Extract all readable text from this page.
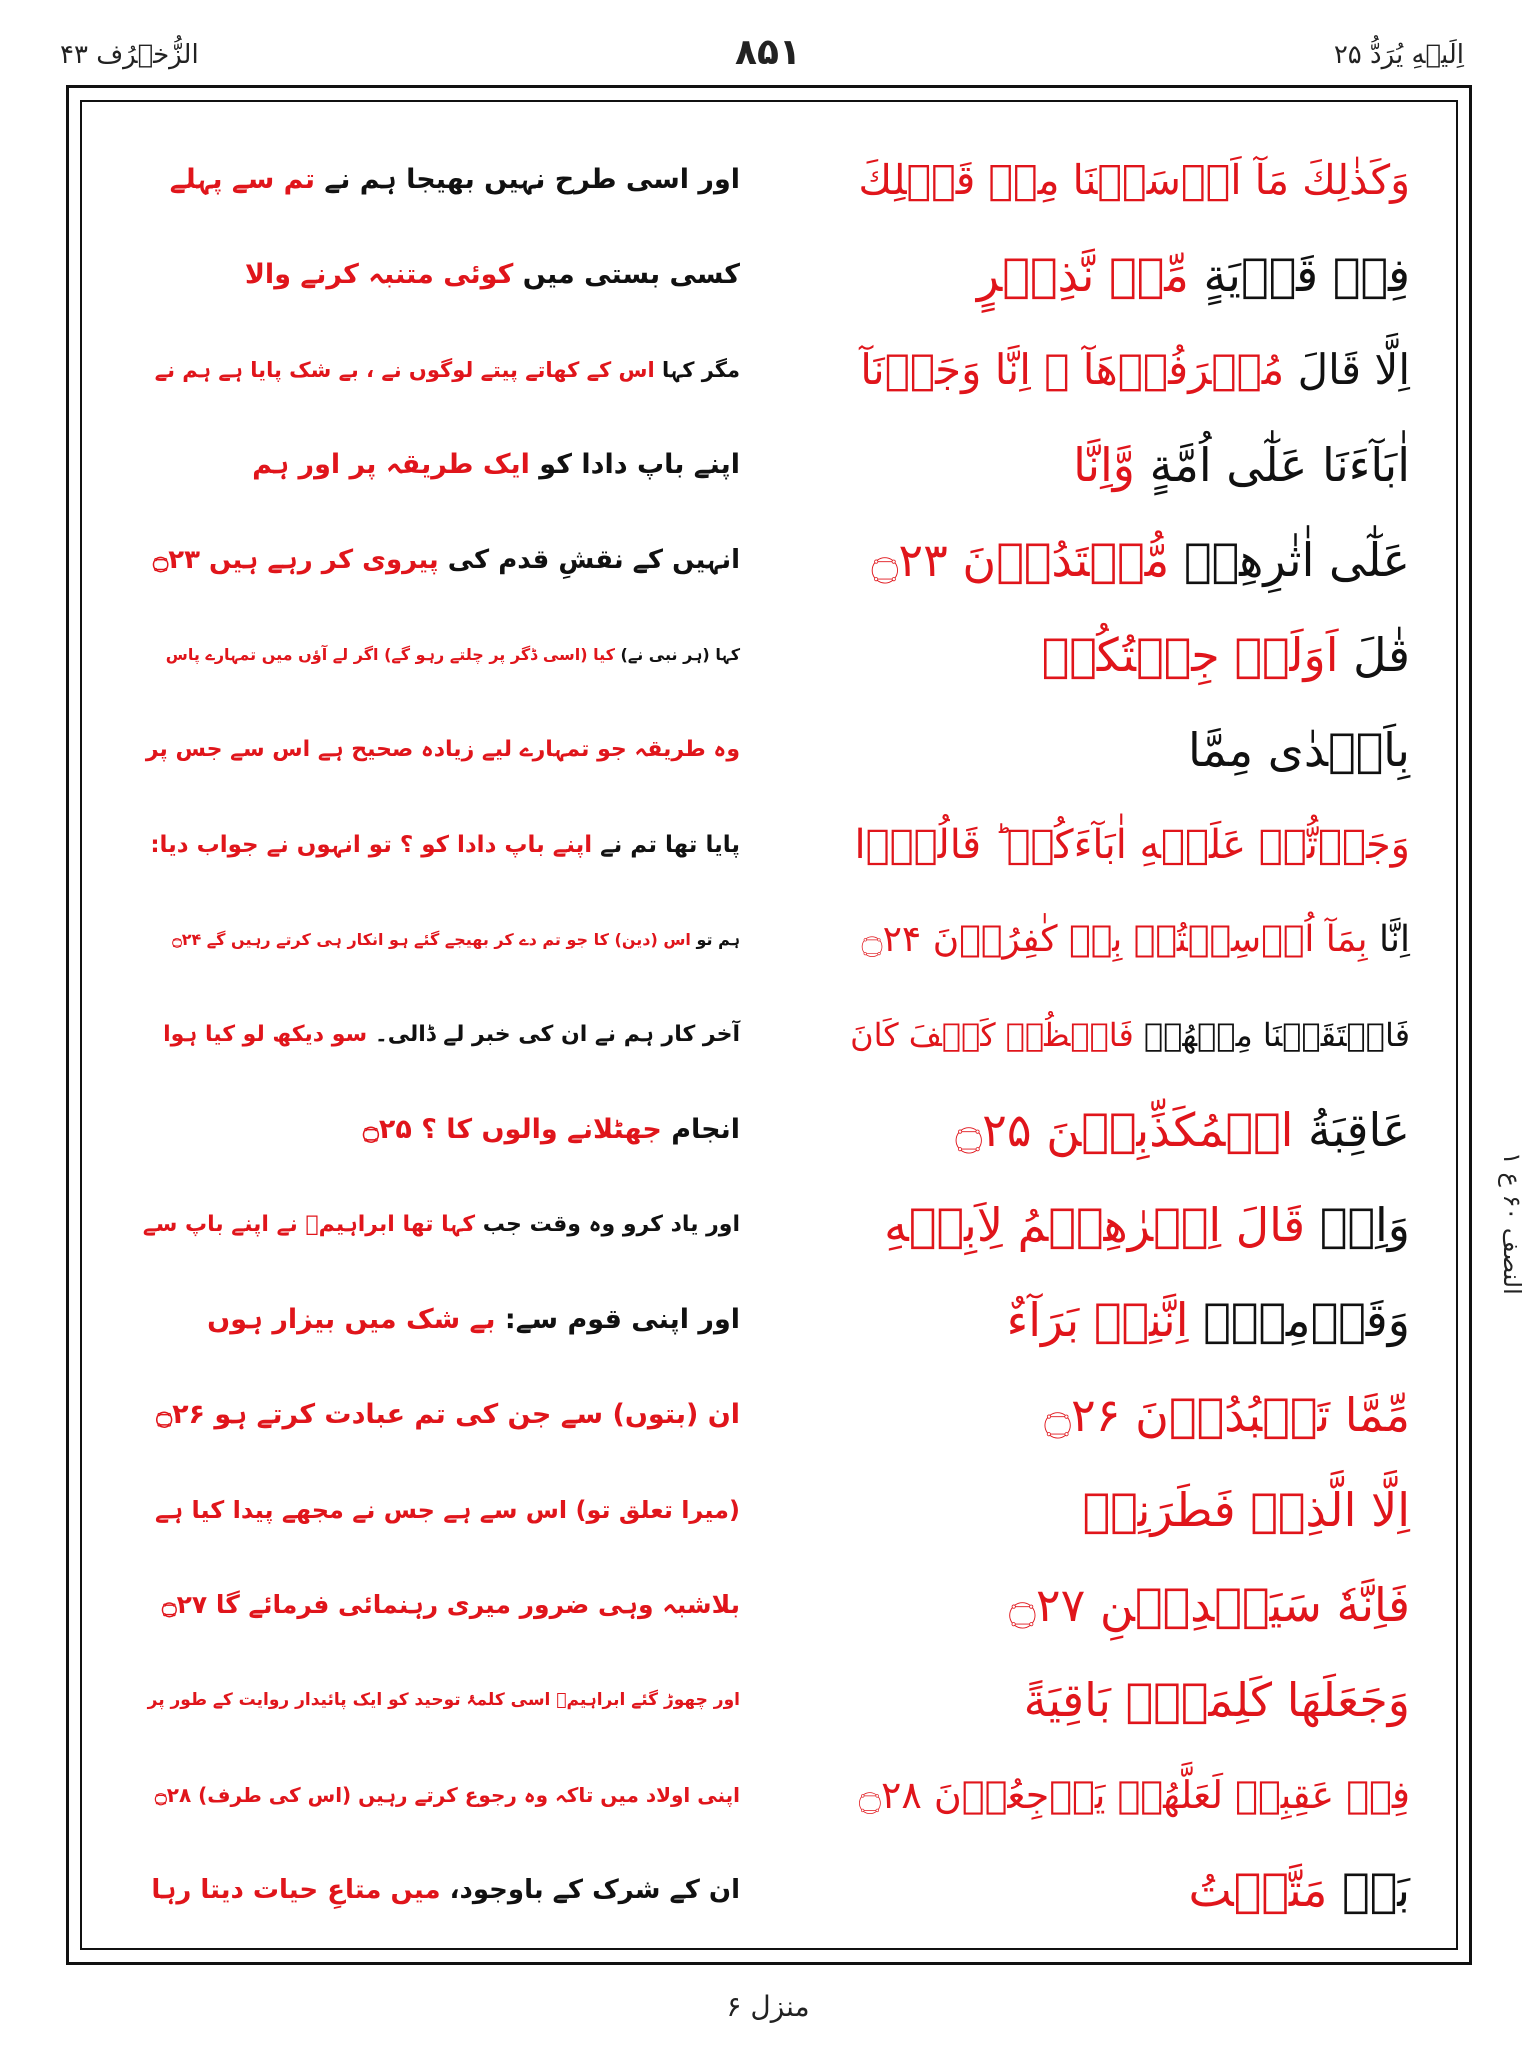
اِلَيۡهِ يُرَدُّ ۲۵
۸۵۱
الزُّخۡرُف ۴۳
النصف ۶۰ ع ۱
وَكَذٰلِكَ مَآ اَرۡسَلۡنَا مِنۡ قَبۡلِكَ
اور اسی طرح نہیں بھیجا ہم نے تم سے پہلے
فِىۡ قَرۡيَةٍ مِّنۡ نَّذِيۡرٍ
کسی بستی میں کوئی متنبہ کرنے والا
اِلَّا قَالَ مُتۡرَفُوۡهَآ ۙ اِنَّا وَجَدۡنَآ
مگر کہا اس کے کھاتے پیتے لوگوں نے ، بے شک پایا ہے ہم نے
اٰبَآءَنَا عَلٰٓى اُمَّةٍ وَّاِنَّا
اپنے باپ دادا کو ایک طریقہ پر اور ہم
عَلٰٓى اٰثٰرِهِمۡ مُّقۡتَدُوۡنَ ۝۲۳
انہیں کے نقشِ قدم کی پیروی کر رہے ہیں ۝۲۳
قٰلَ اَوَلَوۡ جِئۡتُكُمۡ
کہا (ہر نبی نے) کیا (اسی ڈگر پر چلتے رہو گے) اگر لے آؤں میں تمہارے پاس
بِاَهۡدٰى مِمَّا
وہ طریقہ جو تمہارے لیے زیادہ صحیح ہے اس سے جس پر
وَجَدۡتُّمۡ عَلَيۡهِ اٰبَآءَكُمۡ ؕ قَالُوۡۤا
پایا تھا تم نے اپنے باپ دادا کو ؟ تو انہوں نے جواب دیا:
اِنَّا بِمَآ اُرۡسِلۡتُمۡ بِهٖ كٰفِرُوۡنَ ۝۲۴
ہم تو اس (دین) کا جو تم دے کر بھیجے گئے ہو انکار ہی کرتے رہیں گے ۝۲۴
فَانۡتَقَمۡنَا مِنۡهُمۡ فَانۡظُرۡ كَيۡفَ كَانَ
آخر کار ہم نے ان کی خبر لے ڈالی۔ سو دیکھ لو کیا ہوا
عَاقِبَةُ الۡمُكَذِّبِيۡنَ ۝۲۵
انجام جھٹلانے والوں کا ؟ ۝۲۵
وَاِذۡ قَالَ اِبۡرٰهِيۡمُ لِاَبِيۡهِ
اور یاد کرو وہ وقت جب کہا تھا ابراہیمؑ نے اپنے باپ سے
وَقَوۡمِهٖۤ اِنَّنِىۡ بَرَآءٌ
اور اپنی قوم سے: بے شک میں بیزار ہوں
مِّمَّا تَعۡبُدُوۡنَ ۝۲۶
ان (بتوں) سے جن کی تم عبادت کرتے ہو ۝۲۶
اِلَّا الَّذِىۡ فَطَرَنِىۡ
(میرا تعلق تو) اس سے ہے جس نے مجھے پیدا کیا ہے
فَاِنَّهٗ سَيَهۡدِيۡنِ ۝۲۷
بلاشبہ وہی ضرور میری رہنمائی فرمائے گا ۝۲۷
وَجَعَلَهَا كَلِمَةًۢ بَاقِيَةً
اور چھوڑ گئے ابراہیمؑ اسی کلمۂ توحید کو ایک پائیدار روایت کے طور پر
فِىۡ عَقِبِهٖ لَعَلَّهُمۡ يَرۡجِعُوۡنَ ۝۲۸
اپنی اولاد میں تاکہ وہ رجوع کرتے رہیں (اس کی طرف) ۝۲۸
بَلۡ مَتَّعۡتُ
ان کے شرک کے باوجود، میں متاعِ حیات دیتا رہا
منزل ۶
